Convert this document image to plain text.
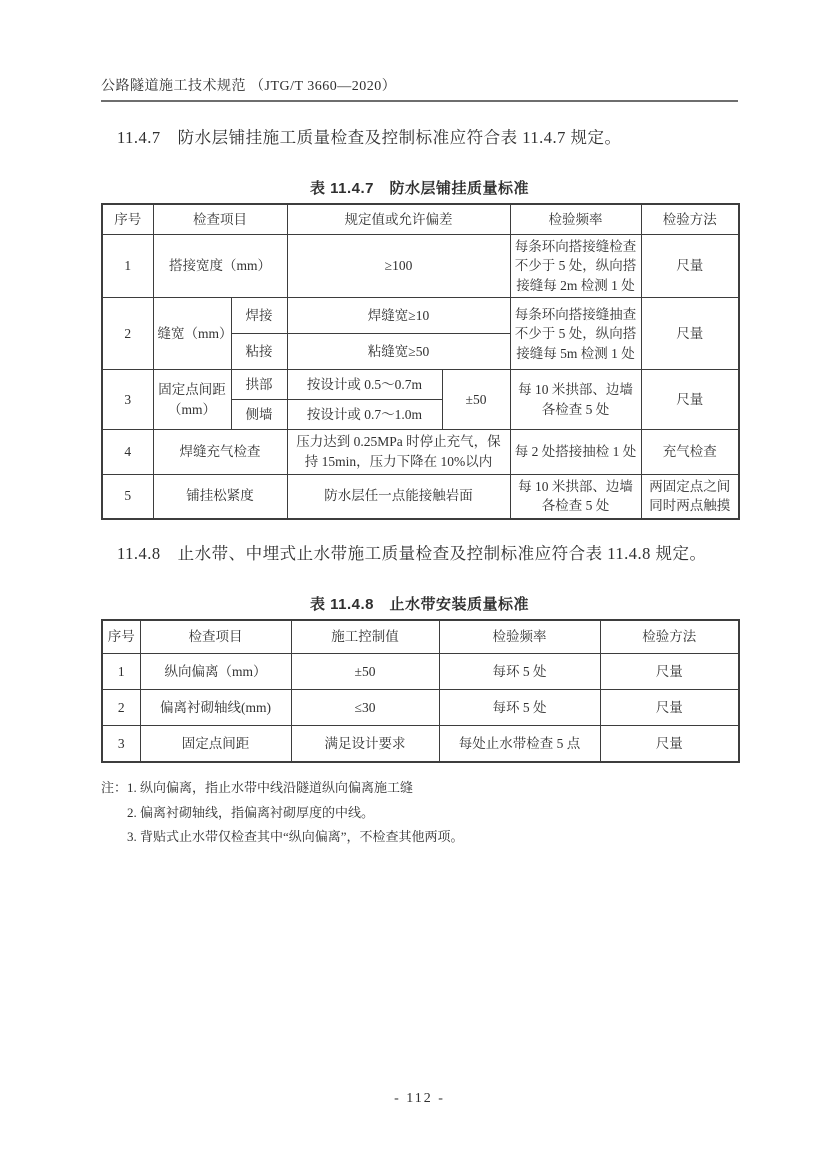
公路隧道施工技术规范 （JTG/T 3660—2020）

11.4.7　防水层铺挂施工质量检查及控制标准应符合表 11.4.7 规定。

表 11.4.7　防水层铺挂质量标准
序号	检查项目		规定值或允许偏差		检验频率	检验方法
1	搭接宽度（mm）		≥100		每条环向搭接缝检查不少于 5 处，纵向搭接缝每 2m 检测 1 处	尺量
2	缝宽（mm）	焊接	焊缝宽≥10		每条环向搭接缝抽查不少于 5 处，纵向搭接缝每 5m 检测 1 处	尺量
		粘接	粘缝宽≥50			
3	固定点间距（mm）	拱部	按设计或 0.5～0.7m	±50	每 10 米拱部、边墙各检查 5 处	尺量
		侧墙	按设计或 0.7～1.0m			
4	焊缝充气检查		压力达到 0.25MPa 时停止充气，保持 15min，压力下降在 10%以内		每 2 处搭接抽检 1 处	充气检查
5	铺挂松紧度		防水层任一点能接触岩面		每 10 米拱部、边墙各检查 5 处	两固定点之间同时两点触摸

11.4.8　止水带、中埋式止水带施工质量检查及控制标准应符合表 11.4.8 规定。

表 11.4.8　止水带安装质量标准
序号	检查项目	施工控制值	检验频率	检验方法
1	纵向偏离（mm）	±50	每环 5 处	尺量
2	偏离衬砌轴线(mm)	≤30	每环 5 处	尺量
3	固定点间距	满足设计要求	每处止水带检查 5 点	尺量
注： 1. 纵向偏离，指止水带中线沿隧道纵向偏离施工缝
2. 偏离衬砌轴线，指偏离衬砌厚度的中线。
3. 背贴式止水带仅检查其中“纵向偏离”，不检查其他两项。
- 112 -
